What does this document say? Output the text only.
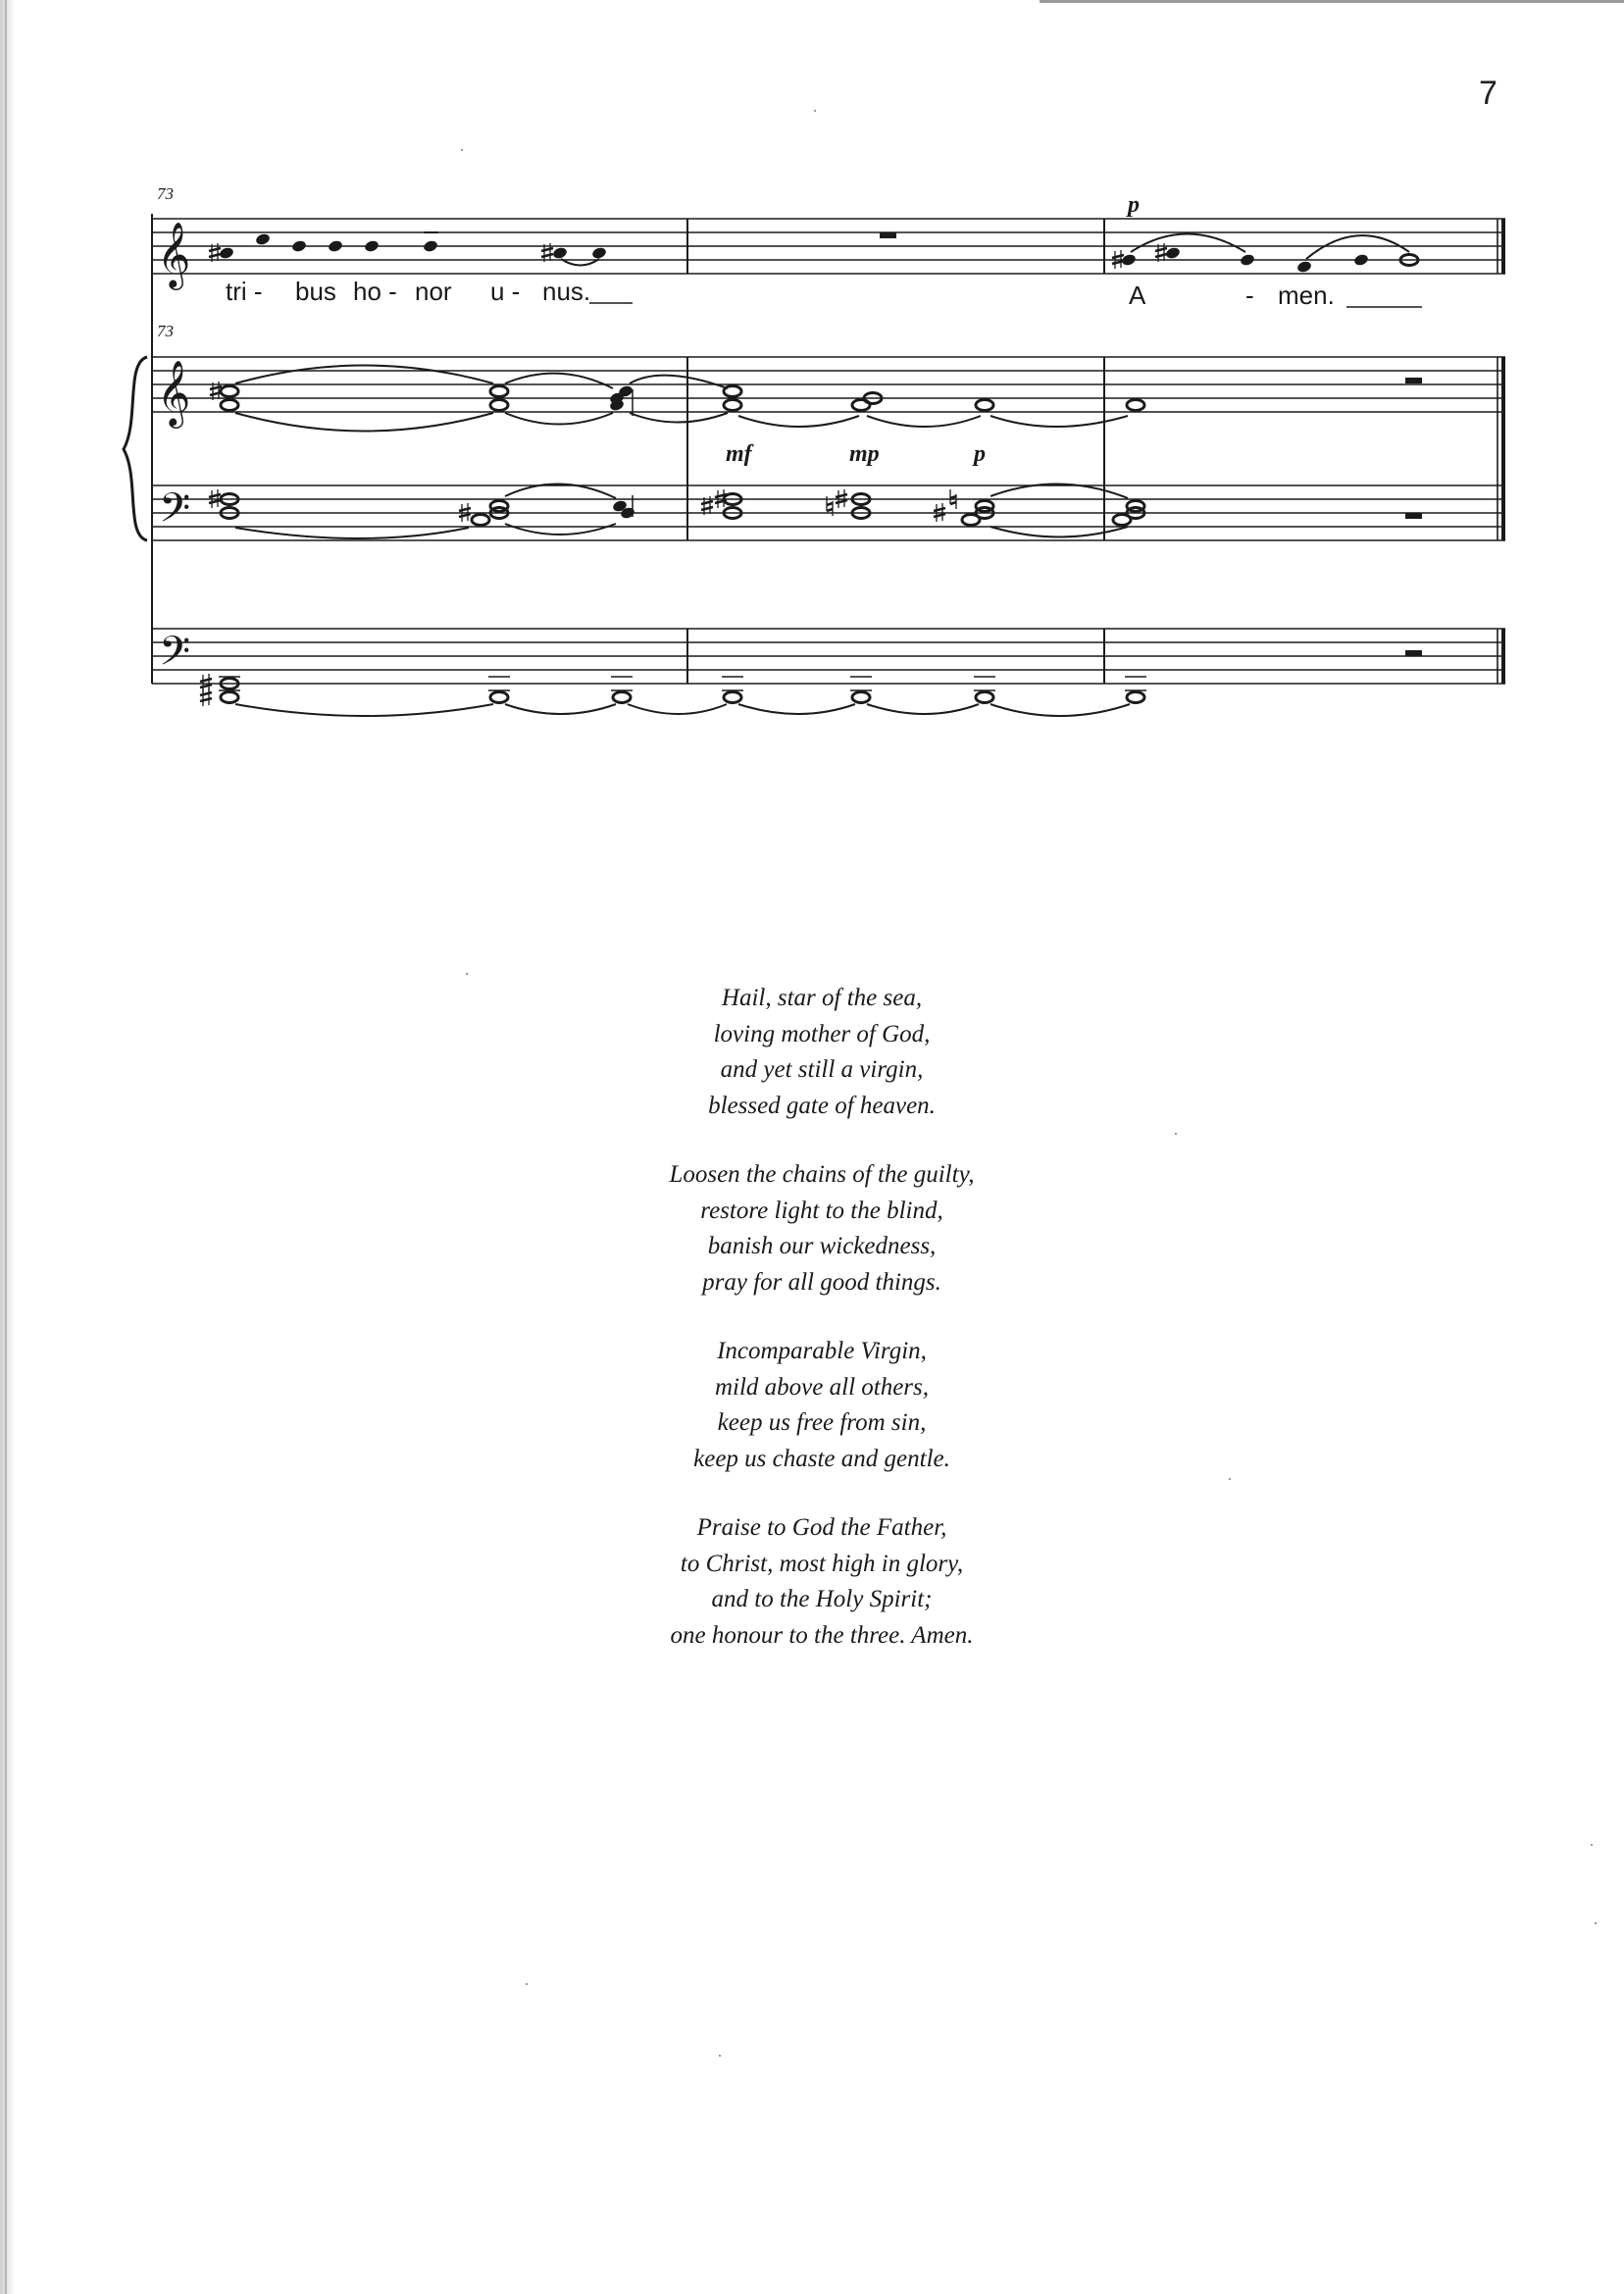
7
73
𝄞
p
tri - bus ho - nor u - nus.	A	- men.
73
𝄞
mf	mp	p
𝄢
𝄢
Hail, star of the sea,
loving mother of God,
and yet still a virgin,
blessed gate of heaven.
Loosen the chains of the guilty,
restore light to the blind,
banish our wickedness,
pray for all good things.
Incomparable Virgin,
mild above all others,
keep us free from sin,
keep us chaste and gentle.
Praise to God the Father,
to Christ, most high in glory,
and to the Holy Spirit;
one honour to the three. Amen.
